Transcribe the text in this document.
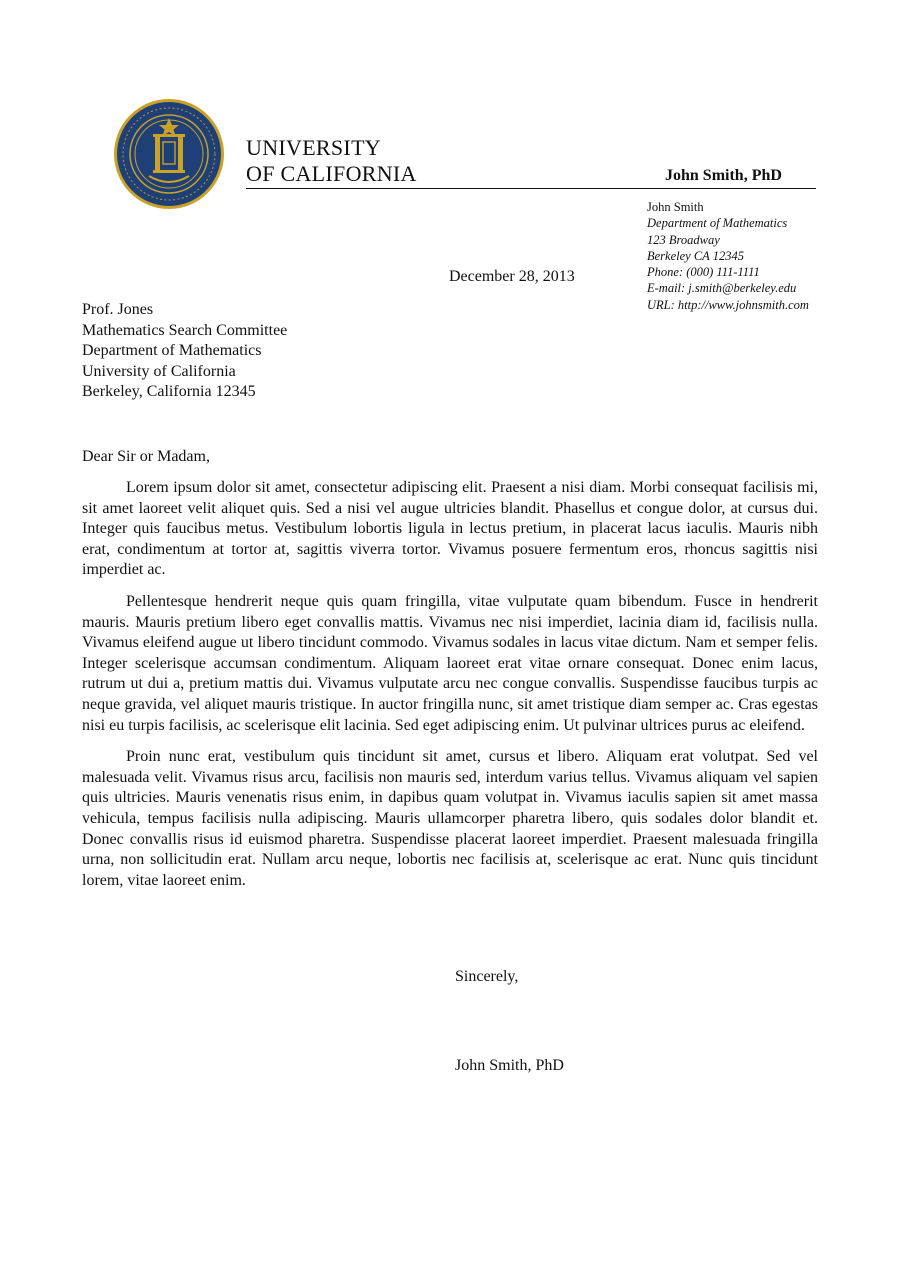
UNIVERSITY
OF CALIFORNIA	John Smith, PhD
John Smith
Department of Mathematics
123 Broadway
Berkeley CA 12345
Phone: (000) 111-1111
E-mail: j.smith@berkeley.edu
URL: http://www.johnsmith.com
December 28, 2013
Prof. Jones
Mathematics Search Committee
Department of Mathematics
University of California
Berkeley, California 12345
Dear Sir or Madam,

Lorem ipsum dolor sit amet, consectetur adipiscing elit. Praesent a nisi diam. Morbi consequat facilisis mi, sit amet laoreet velit aliquet quis. Sed a nisi vel augue ultricies blandit. Phasellus et congue dolor, at cursus dui. Integer quis faucibus metus. Vestibulum lobortis ligula in lectus pretium, in placerat lacus iaculis. Mauris nibh erat, condimentum at tortor at, sagittis viverra tortor. Vivamus posuere fermentum eros, rhoncus sagittis nisi imperdiet ac.

Pellentesque hendrerit neque quis quam fringilla, vitae vulputate quam bibendum. Fusce in hendrerit mauris. Mauris pretium libero eget convallis mattis. Vivamus nec nisi imperdiet, lacinia diam id, facilisis nulla. Vivamus eleifend augue ut libero tincidunt commodo. Vivamus sodales in lacus vitae dictum. Nam et semper felis. Integer scelerisque accumsan condimentum. Aliquam laoreet erat vitae ornare consequat. Donec enim lacus, rutrum ut dui a, pretium mattis dui. Vivamus vulputate arcu nec congue convallis. Suspendisse faucibus turpis ac neque gravida, vel aliquet mauris tristique. In auctor fringilla nunc, sit amet tristique diam semper ac. Cras egestas nisi eu turpis facilisis, ac scelerisque elit lacinia. Sed eget adipiscing enim. Ut pulvinar ultrices purus ac eleifend.

Proin nunc erat, vestibulum quis tincidunt sit amet, cursus et libero. Aliquam erat volutpat. Sed vel malesuada velit. Vivamus risus arcu, facilisis non mauris sed, interdum varius tellus. Vivamus aliquam vel sapien quis ultricies. Mauris venenatis risus enim, in dapibus quam volutpat in. Vivamus iaculis sapien sit amet massa vehicula, tempus facilisis nulla adipiscing. Mauris ullamcorper pharetra libero, quis sodales dolor blandit et. Donec convallis risus id euismod pharetra. Suspendisse placerat laoreet imperdiet. Praesent malesuada fringilla urna, non sollicitudin erat. Nullam arcu neque, lobortis nec facilisis at, scelerisque ac erat. Nunc quis tincidunt lorem, vitae laoreet enim.

Sincerely,
John Smith, PhD
